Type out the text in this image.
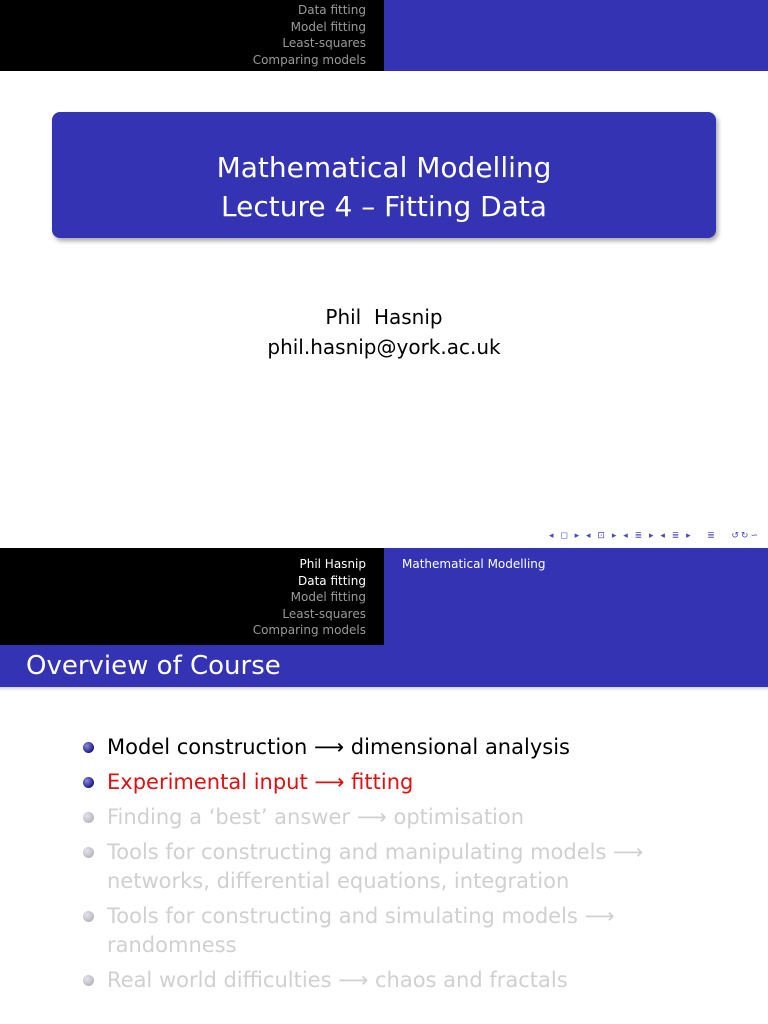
Data fitting
Model fitting
Least-squares
Comparing models
Mathematical Modelling
Lecture 4 – Fitting Data
Phil  Hasnip
phil.hasnip@york.ac.uk
◂ ◻ ▸ ◂ ⊡ ▸ ◂ ≣ ▸ ◂ ≣ ▸   ≣   ↺↻∽
Phil Hasnip
Data fitting
Model fitting
Least-squares
Comparing models
Mathematical Modelling
Overview of Course
Model construction ⟶ dimensional analysis
Experimental input ⟶ fitting
Finding a ‘best’ answer ⟶ optimisation
Tools for constructing and manipulating models ⟶ networks, differential equations, integration
Tools for constructing and simulating models ⟶ randomness
Real world difficulties ⟶ chaos and fractals
